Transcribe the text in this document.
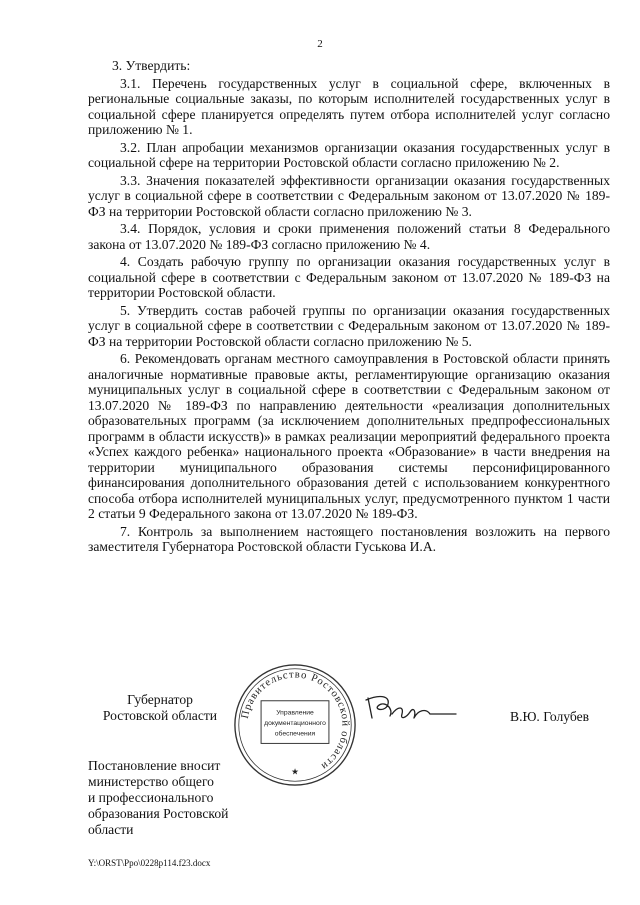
2

3. Утвердить:

3.1. Перечень государственных услуг в социальной сфере, включенных в региональные социальные заказы, по которым исполнителей государственных услуг в социальной сфере планируется определять путем отбора исполнителей услуг согласно приложению № 1.

3.2. План апробации механизмов организации оказания государственных услуг в социальной сфере на территории Ростовской области согласно приложению № 2.

3.3. Значения показателей эффективности организации оказания государственных услуг в социальной сфере в соответствии с Федеральным законом от 13.07.2020 № 189-ФЗ на территории Ростовской области согласно приложению № 3.

3.4. Порядок, условия и сроки применения положений статьи 8 Федерального закона от 13.07.2020 № 189-ФЗ согласно приложению № 4.

4. Создать рабочую группу по организации оказания государственных услуг в социальной сфере в соответствии с Федеральным законом от 13.07.2020 № 189-ФЗ на территории Ростовской области.

5. Утвердить состав рабочей группы по организации оказания государственных услуг в социальной сфере в соответствии с Федеральным законом от 13.07.2020 № 189-ФЗ на территории Ростовской области согласно приложению № 5.

6. Рекомендовать органам местного самоуправления в Ростовской области принять аналогичные нормативные правовые акты, регламентирующие организацию оказания муниципальных услуг в социальной сфере в соответствии с Федеральным законом от 13.07.2020 № 189-ФЗ по направлению деятельности «реализация дополнительных образовательных программ (за исключением дополнительных предпрофессиональных программ в области искусств)» в рамках реализации мероприятий федерального проекта «Успех каждого ребенка» национального проекта «Образование» в части внедрения на территории муниципального образования системы персонифицированного финансирования дополнительного образования детей с использованием конкурентного способа отбора исполнителей муниципальных услуг, предусмотренного пунктом 1 части 2 статьи 9 Федерального закона от 13.07.2020 № 189-ФЗ.

7. Контроль за выполнением настоящего постановления возложить на первого заместителя Губернатора Ростовской области Гуськова И.А.

Губернатор
Ростовской области	Правительство Ростовской области
Управление
документационного
обеспечения
★
В.Ю. Голубев
Постановление вносит
министерство общего
и профессионального
образования Ростовской
области
Y:\ORST\Ppo\0228p114.f23.docx
